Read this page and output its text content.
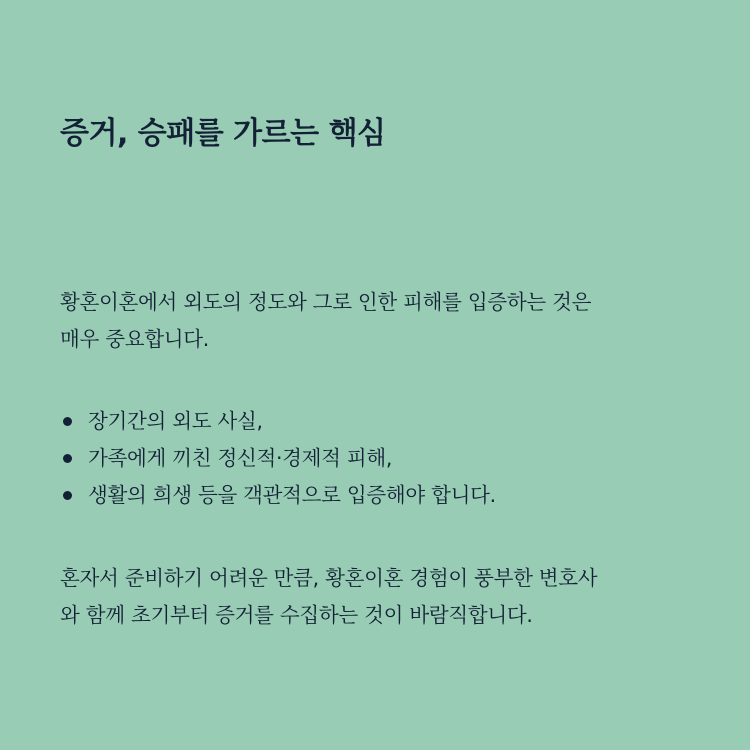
증거, 승패를 가르는 핵심

황혼이혼에서 외도의 정도와 그로 인한 피해를 입증하는 것은
매우 중요합니다.

장기간의 외도 사실,
가족에게 끼친 정신적·경제적 피해,
생활의 희생 등을 객관적으로 입증해야 합니다.

혼자서 준비하기 어려운 만큼, 황혼이혼 경험이 풍부한 변호사
와 함께 초기부터 증거를 수집하는 것이 바람직합니다.
